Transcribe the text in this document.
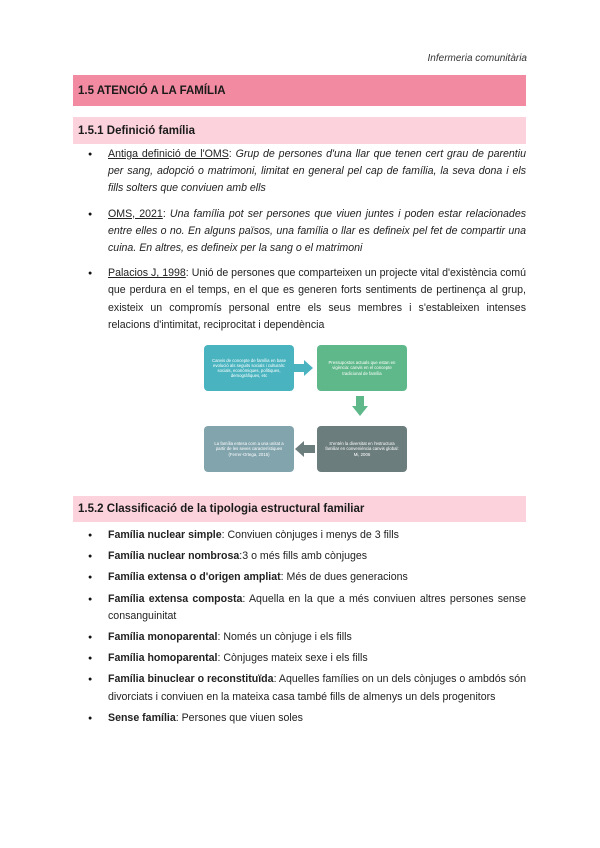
Infermeria comunitària
1.5 ATENCIÓ A LA FAMÍLIA
1.5.1 Definició família
● Antiga definició de l'OMS: Grup de persones d'una llar que tenen cert grau de parentiu per sang, adopció o matrimoni, limitat en general pel cap de família, la seva dona i els fills solters que conviuen amb ells
● OMS, 2021: Una família pot ser persones que viuen juntes i poden estar relacionades entre elles o no. En alguns països, una família o llar es defineix pel fet de compartir una cuina. En altres, es defineix per la sang o el matrimoni
● Palacios J, 1998: Unió de persones que comparteixen un projecte vital d'existència comú que perdura en el temps, en el que es generen forts sentiments de pertinença al grup, existeix un compromís personal entre els seus membres i s'estableixen intenses relacions d'intimitat, reciprocitat i dependència
Canvis de concepte de família en base evolució als seguits socials i culturals: socials, econòmiques, polítiques, demogràfiques, etc
Pressupostos actuals que estan en vigència: canvis en el concepte tradicional de família
S'entén la diversitat en l'estructura familiar en conveniència canvis global: Mi, 2006
La família entesa com a una unitat a partir de les seves característiques (Ferrer-Ortega, 2015)
1.5.2 Classificació de la tipologia estructural familiar
● Família nuclear simple: Conviuen cònjuges i menys de 3 fills
● Família nuclear nombrosa:3 o més fills amb cònjuges
● Família extensa o d'origen ampliat: Més de dues generacions
● Família extensa composta: Aquella en la que a més conviuen altres persones sense consanguinitat
● Família monoparental: Només un cònjuge i els fills
● Família homoparental: Cònjuges mateix sexe i els fills
● Família binuclear o reconstituïda: Aquelles famílies on un dels cònjuges o ambdós són divorciats i conviuen en la mateixa casa també fills de almenys un dels progenitors
● Sense família: Persones que viuen soles
